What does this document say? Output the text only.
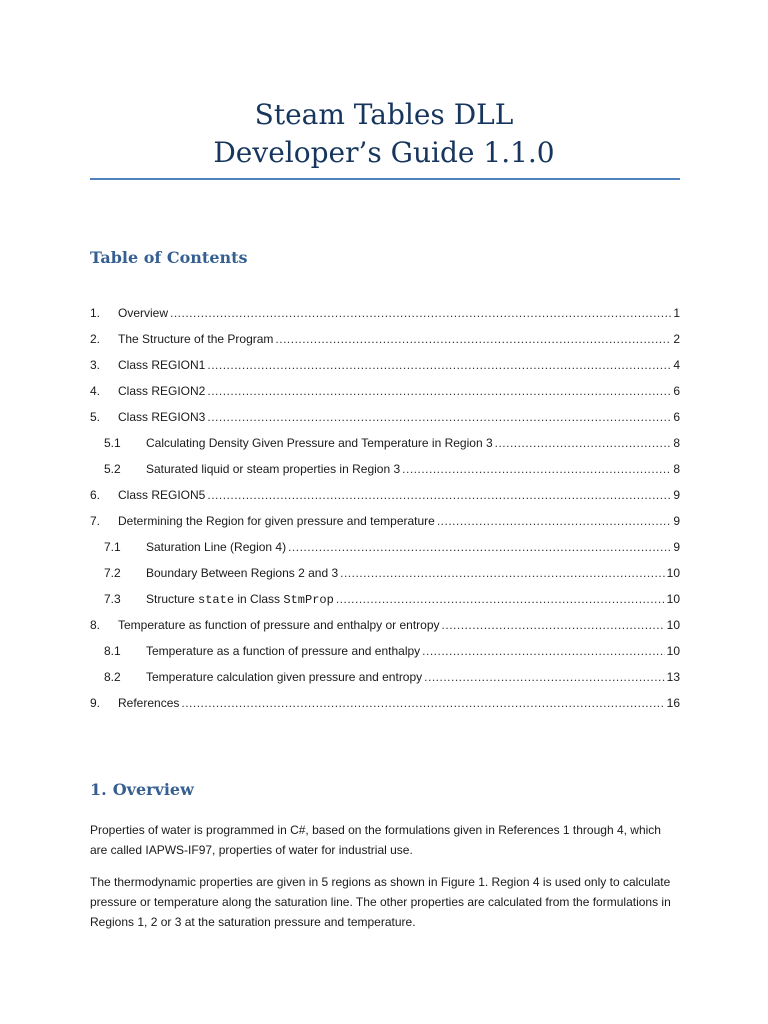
Steam Tables DLL

Developer’s Guide 1.1.0

Table of Contents
1.	Overview .....	1
2.	The Structure of the Program .....	2
3.	Class REGION1 .....	4
4.	Class REGION2 .....	6
5.	Class REGION3 .....	6
5.1	Calculating Density Given Pressure and Temperature in Region 3 .....	8
5.2	Saturated liquid or steam properties in Region 3 .....	8
6.	Class REGION5 .....	9
7.	Determining the Region for given pressure and temperature .....	9
7.1	Saturation Line (Region 4) .....	9
7.2	Boundary Between Regions 2 and 3 .....	10
7.3	Structure state in Class StmProp .....	10
8.	Temperature as function of pressure and enthalpy or entropy .....	10
8.1	Temperature as a function of pressure and enthalpy .....	10
8.2	Temperature calculation given pressure and entropy .....	13
9.	References .....	16
1. Overview

Properties of water is programmed in C#, based on the formulations given in References 1 through 4, which are called IAPWS-IF97, properties of water for industrial use.

The thermodynamic properties are given in 5 regions as shown in Figure 1. Region 4 is used only to calculate pressure or temperature along the saturation line. The other properties are calculated from the formulations in Regions 1, 2 or 3 at the saturation pressure and temperature.
